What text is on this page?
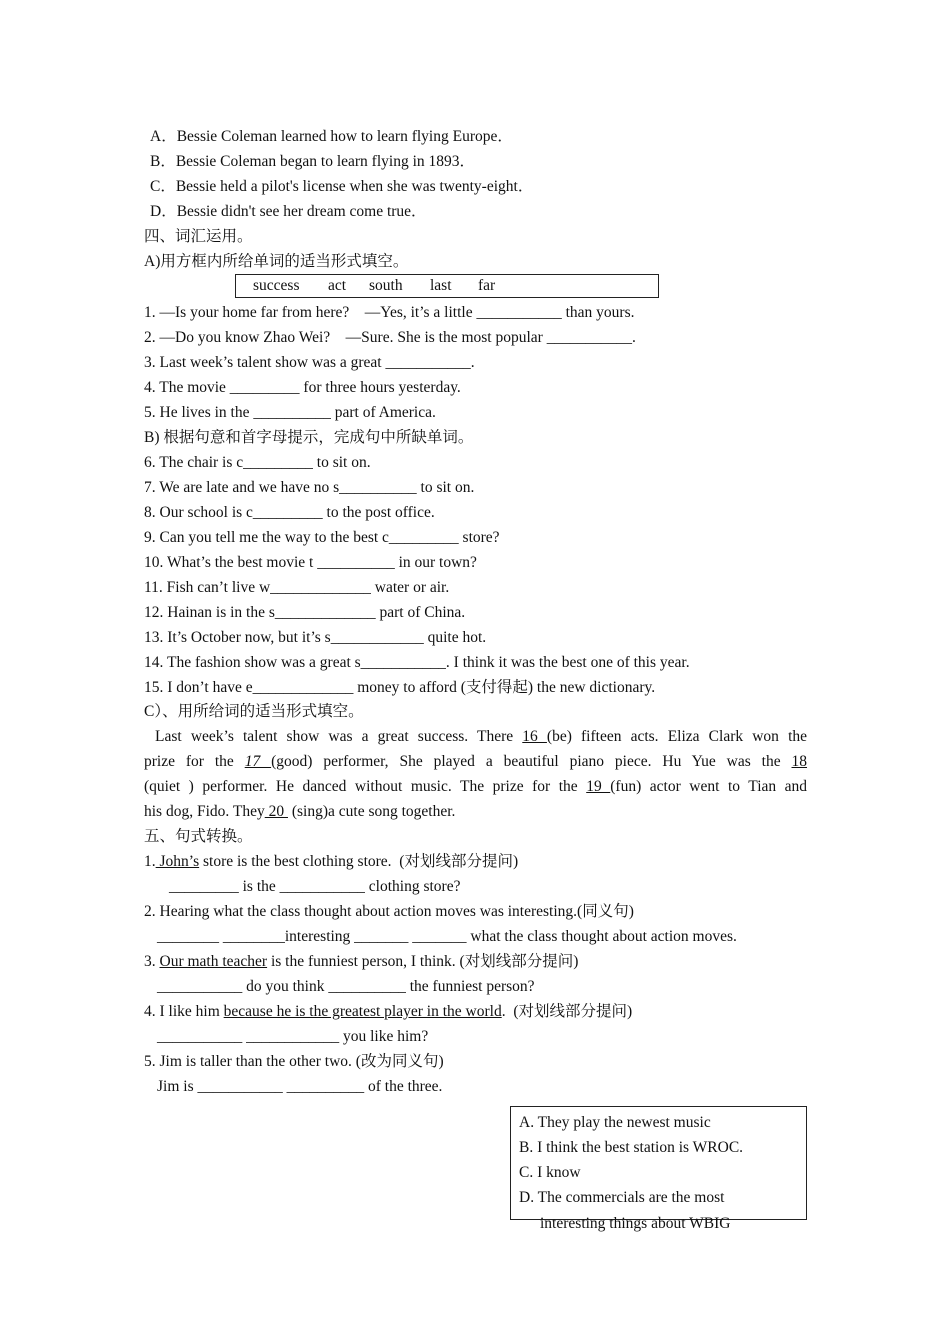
A．Bessie Coleman learned how to learn flying Europe．
B．Bessie Coleman began to learn flying in 1893．
C．Bessie held a pilot's license when she was twenty-eight．
D．Bessie didn't see her dream come true．
四、词汇运用。
A)用方框内所给单词的适当形式填空。
success act south last far
1. —Is your home far from here?    —Yes, it’s a little ___________ than yours.
2. —Do you know Zhao Wei?    —Sure. She is the most popular ___________.
3. Last week’s talent show was a great ___________.
4. The movie _________ for three hours yesterday.
5. He lives in the __________ part of America.
B) 根据句意和首字母提示，完成句中所缺单词。
6. The chair is c_________ to sit on.
7. We are late and we have no s__________ to sit on.
8. Our school is c_________ to the post office.
9. Can you tell me the way to the best c_________ store?
10. What’s the best movie t __________ in our town?
11. Fish can’t live w_____________ water or air.
12. Hainan is in the s_____________ part of China.
13. It’s October now, but it’s s____________ quite hot.
14. The fashion show was a great s___________. I think it was the best one of this year.
15. I don’t have e_____________ money to afford (支付得起) the new dictionary.
C）、用所给词的适当形式填空。
Last week’s talent show was a great success. There 16 (be) fifteen acts. Eliza Clark won the
prize for the 17 (good) performer, She played a beautiful piano piece. Hu Yue was the 18
(quiet ) performer. He danced without music. The prize for the 19 (fun) actor went to Tian and
his dog, Fido. They 20  (sing)a cute song together.
五、句式转换。
1. John’s store is the best clothing store.  (对划线部分提问)
_________ is the ___________ clothing store?
2. Hearing what the class thought about action moves was interesting.(同义句)
________ ________interesting _______ _______ what the class thought about action moves.
3. Our math teacher is the funniest person, I think. (对划线部分提问)
___________ do you think __________ the funniest person?
4. I like him because he is the greatest player in the world.  (对划线部分提问)
___________ ____________ you like him?
5. Jim is taller than the other two. (改为同义句)
Jim is ___________ __________ of the three.
A. They play the newest music
B. I think the best station is WROC.
C. I know
D. The commercials are the most
interesting things about WBIG
